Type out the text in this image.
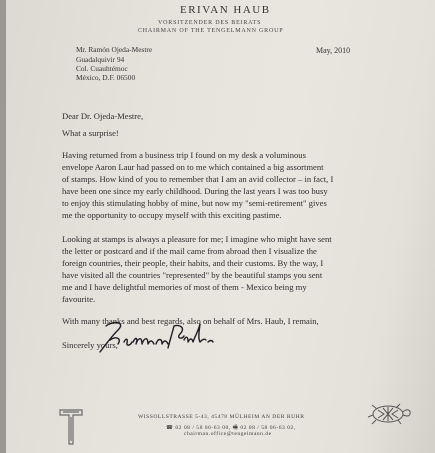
ERIVAN HAUB
VORSITZENDER DES BEIRATS
CHAIRMAN OF THE TENGELMANN GROUP
Mr. Ramón Ojeda-Mestre
Guadalquivir 94
Col. Cuauhtémoc
México, D.F. 06500
May, 2010
Dear Dr. Ojeda-Mestre,
What a surprise!
Having returned from a business trip I found on my desk a voluminous
envelope Aaron Laur had passed on to me which contained a big assortment
of stamps. How kind of you to remember that I am an avid collector – in fact, I
have been one since my early childhood. During the last years I was too busy
to enjoy this stimulating hobby of mine, but now my "semi-retirement" gives
me the opportunity to occupy myself with this exciting pastime.
Looking at stamps is always a pleasure for me; I imagine who might have sent
the letter or postcard and if the mail came from abroad then I visualize the
foreign countries, their people, their habits, and their customs. By the way, I
have visited all the countries "represented" by the beautiful stamps you sent
me and I have delightful memories of most of them - Mexico being my
favourite.
With many thanks and best regards, also on behalf of Mrs. Haub, I remain,
Sincerely yours,
WISSOLLSTRASSE 5-43, 45478 MÜLHEIM AN DER RUHR
☎ 02 08 / 58 06-63 00, 🖷 02 08 / 58 06-63 02,
chairman.office@tengelmann.de
